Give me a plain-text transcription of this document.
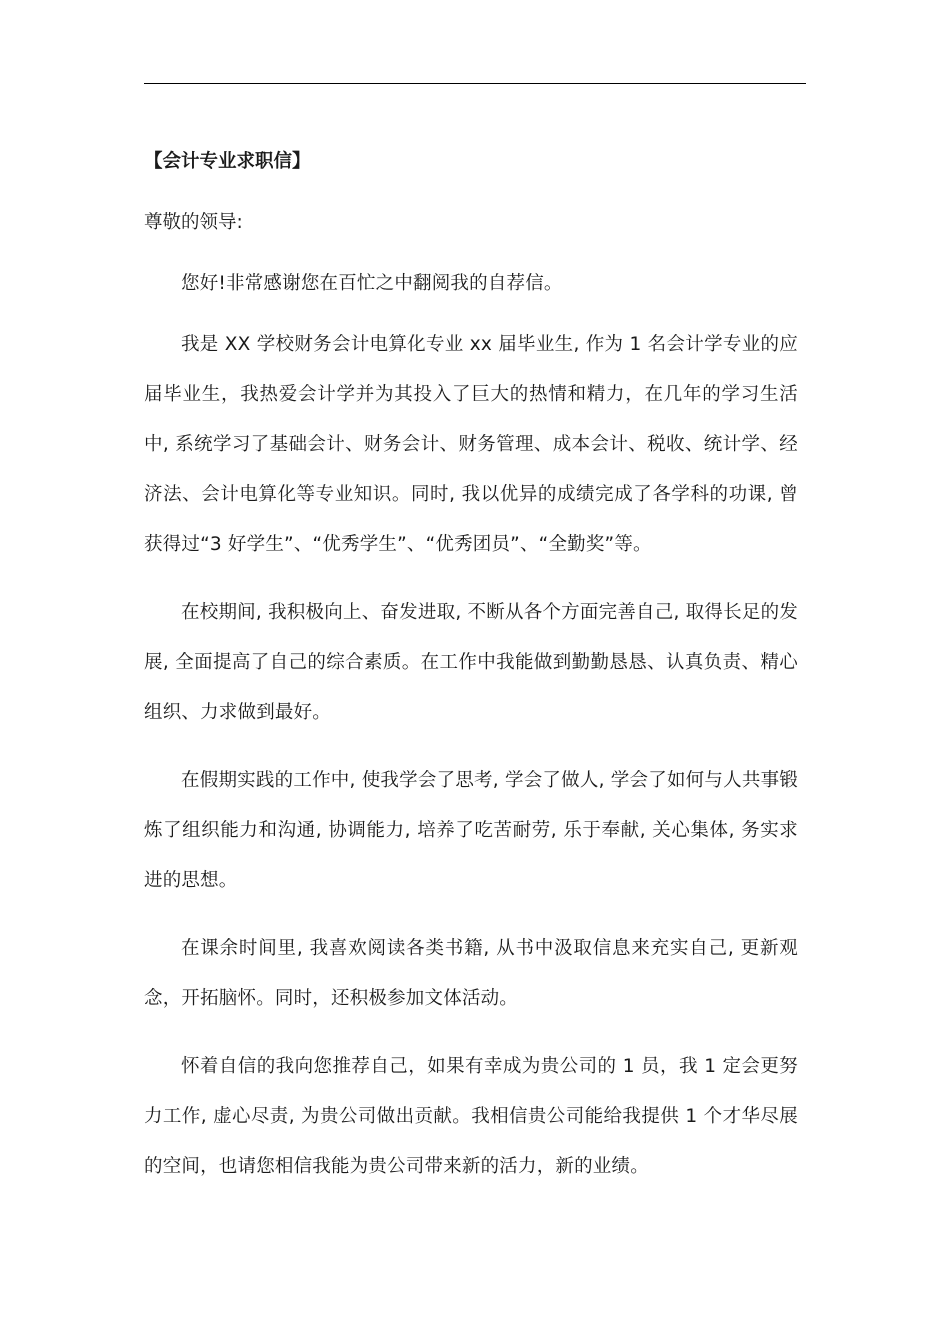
【会计专业求职信】

尊敬的领导:

您好!非常感谢您在百忙之中翻阅我的自荐信。

我是 XX 学校财务会计电算化专业 xx 届毕业生, 作为 1 名会计学专业的应届毕业生，我热爱会计学并为其投入了巨大的热情和精力，在几年的学习生活中, 系统学习了基础会计、财务会计、财务管理、成本会计、税收、统计学、经济法、会计电算化等专业知识。同时, 我以优异的成绩完成了各学科的功课, 曾获得过“3 好学生”、“优秀学生”、“优秀团员”、“全勤奖”等。

在校期间, 我积极向上、奋发进取, 不断从各个方面完善自己, 取得长足的发展, 全面提高了自己的综合素质。在工作中我能做到勤勤恳恳、认真负责、精心组织、力求做到最好。

在假期实践的工作中, 使我学会了思考, 学会了做人, 学会了如何与人共事锻炼了组织能力和沟通, 协调能力, 培养了吃苦耐劳, 乐于奉献, 关心集体, 务实求进的思想。

在课余时间里, 我喜欢阅读各类书籍, 从书中汲取信息来充实自己, 更新观念，开拓脑怀。同时，还积极参加文体活动。

怀着自信的我向您推荐自己，如果有幸成为贵公司的 1 员，我 1 定会更努力工作, 虚心尽责, 为贵公司做出贡献。我相信贵公司能给我提供 1 个才华尽展的空间，也请您相信我能为贵公司带来新的活力，新的业绩。
